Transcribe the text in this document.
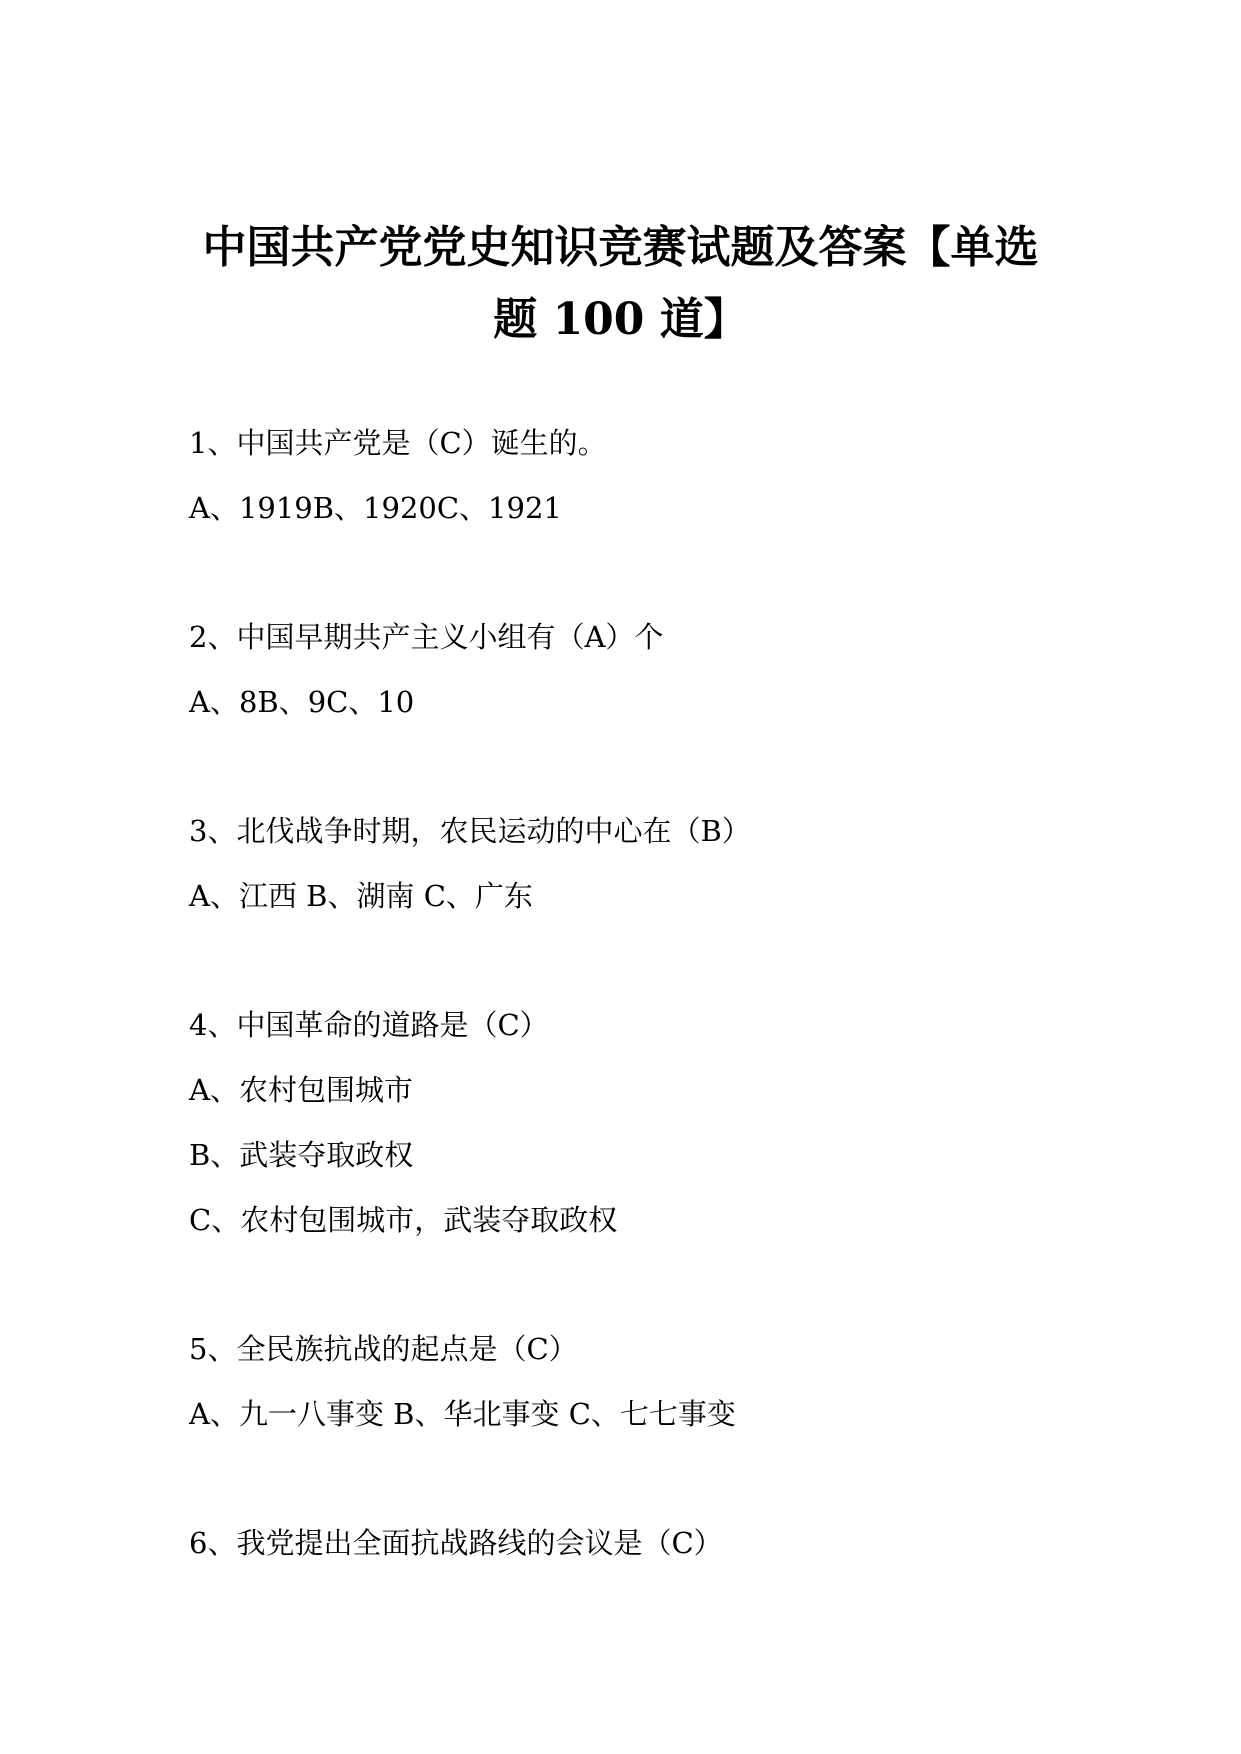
中国共产党党史知识竞赛试题及答案【单选
题 100 道】
1、中国共产党是（C）诞生的。
A、1919B、1920C、1921
2、中国早期共产主义小组有（A）个
A、8B、9C、10
3、北伐战争时期，农民运动的中心在（B）
A、江西 B、湖南 C、广东
4、中国革命的道路是（C）
A、农村包围城市
B、武装夺取政权
C、农村包围城市，武装夺取政权
5、全民族抗战的起点是（C）
A、九一八事变 B、华北事变 C、七七事变
6、我党提出全面抗战路线的会议是（C）
